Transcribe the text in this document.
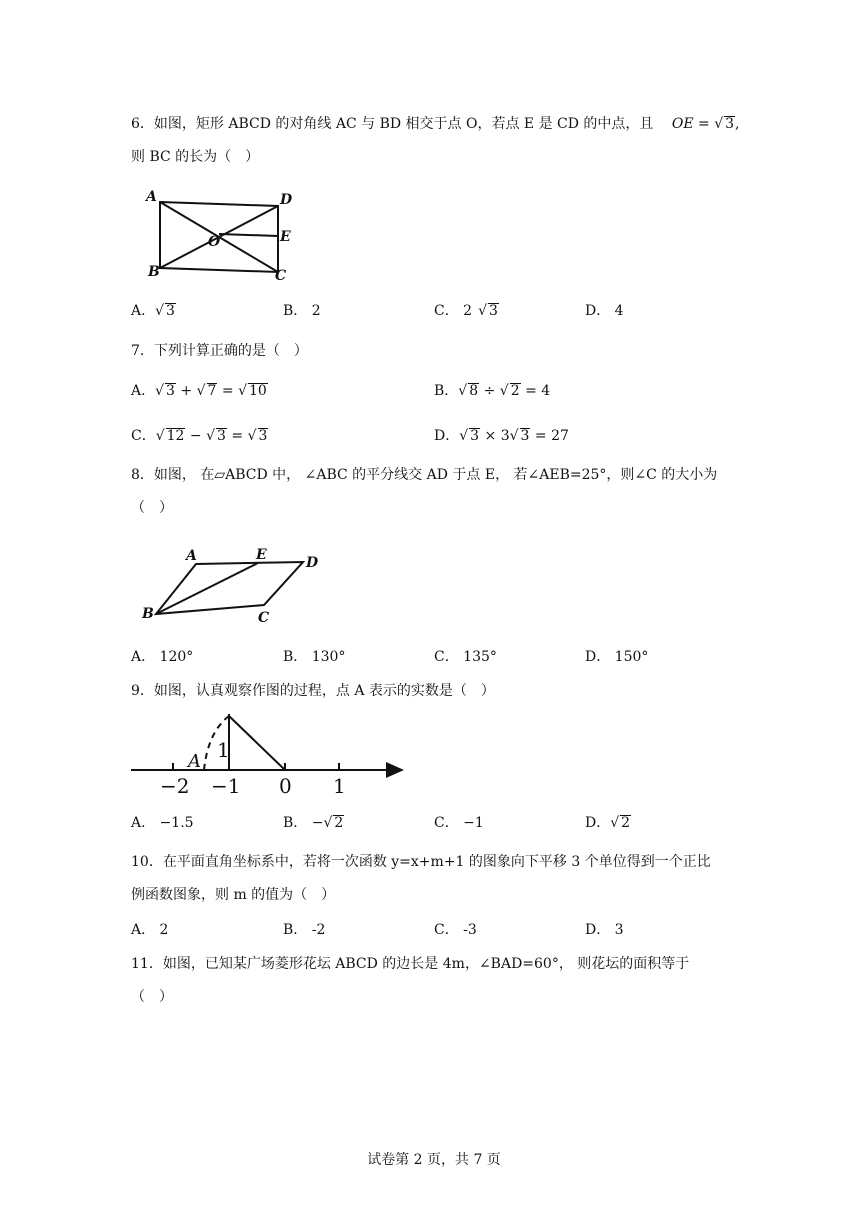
6．如图，矩形 ABCD 的对角线 AC 与 BD 相交于点 O，若点 E 是 CD 的中点，且 OE = √ 3,
则 BC 的长为（　）
A	D
O	E
B	C
A．√ 3	B． 2	C． 2 √ 3	D． 4
7．下列计算正确的是（　）
A．√ 3 + √ 7 = √ 10	B．√ 8 ÷ √ 2 = 4
C．√ 12 − √ 3 = √ 3	D．√ 3 × 3√ 3 = 27
8．如图， 在▱ABCD 中， ∠ABC 的平分线交 AD 于点 E， 若∠AEB=25°，则∠C 的大小为
（　）
A	E	D
B	C
A． 120°	B． 130°	C． 135°	D． 150°
9．如图，认真观察作图的过程，点 A 表示的实数是（　）
−2 −1 0 1
1
A
A． −1.5	B． −√ 2	C． −1	D．√ 2
10．在平面直角坐标系中，若将一次函数 y=x+m+1 的图象向下平移 3 个单位得到一个正比
例函数图象，则 m 的值为（　）
A． 2	B． -2	C． -3	D． 3
11．如图，已知某广场菱形花坛 ABCD 的边长是 4m，∠BAD=60°， 则花坛的面积等于
（　）
试卷第 2 页，共 7 页
